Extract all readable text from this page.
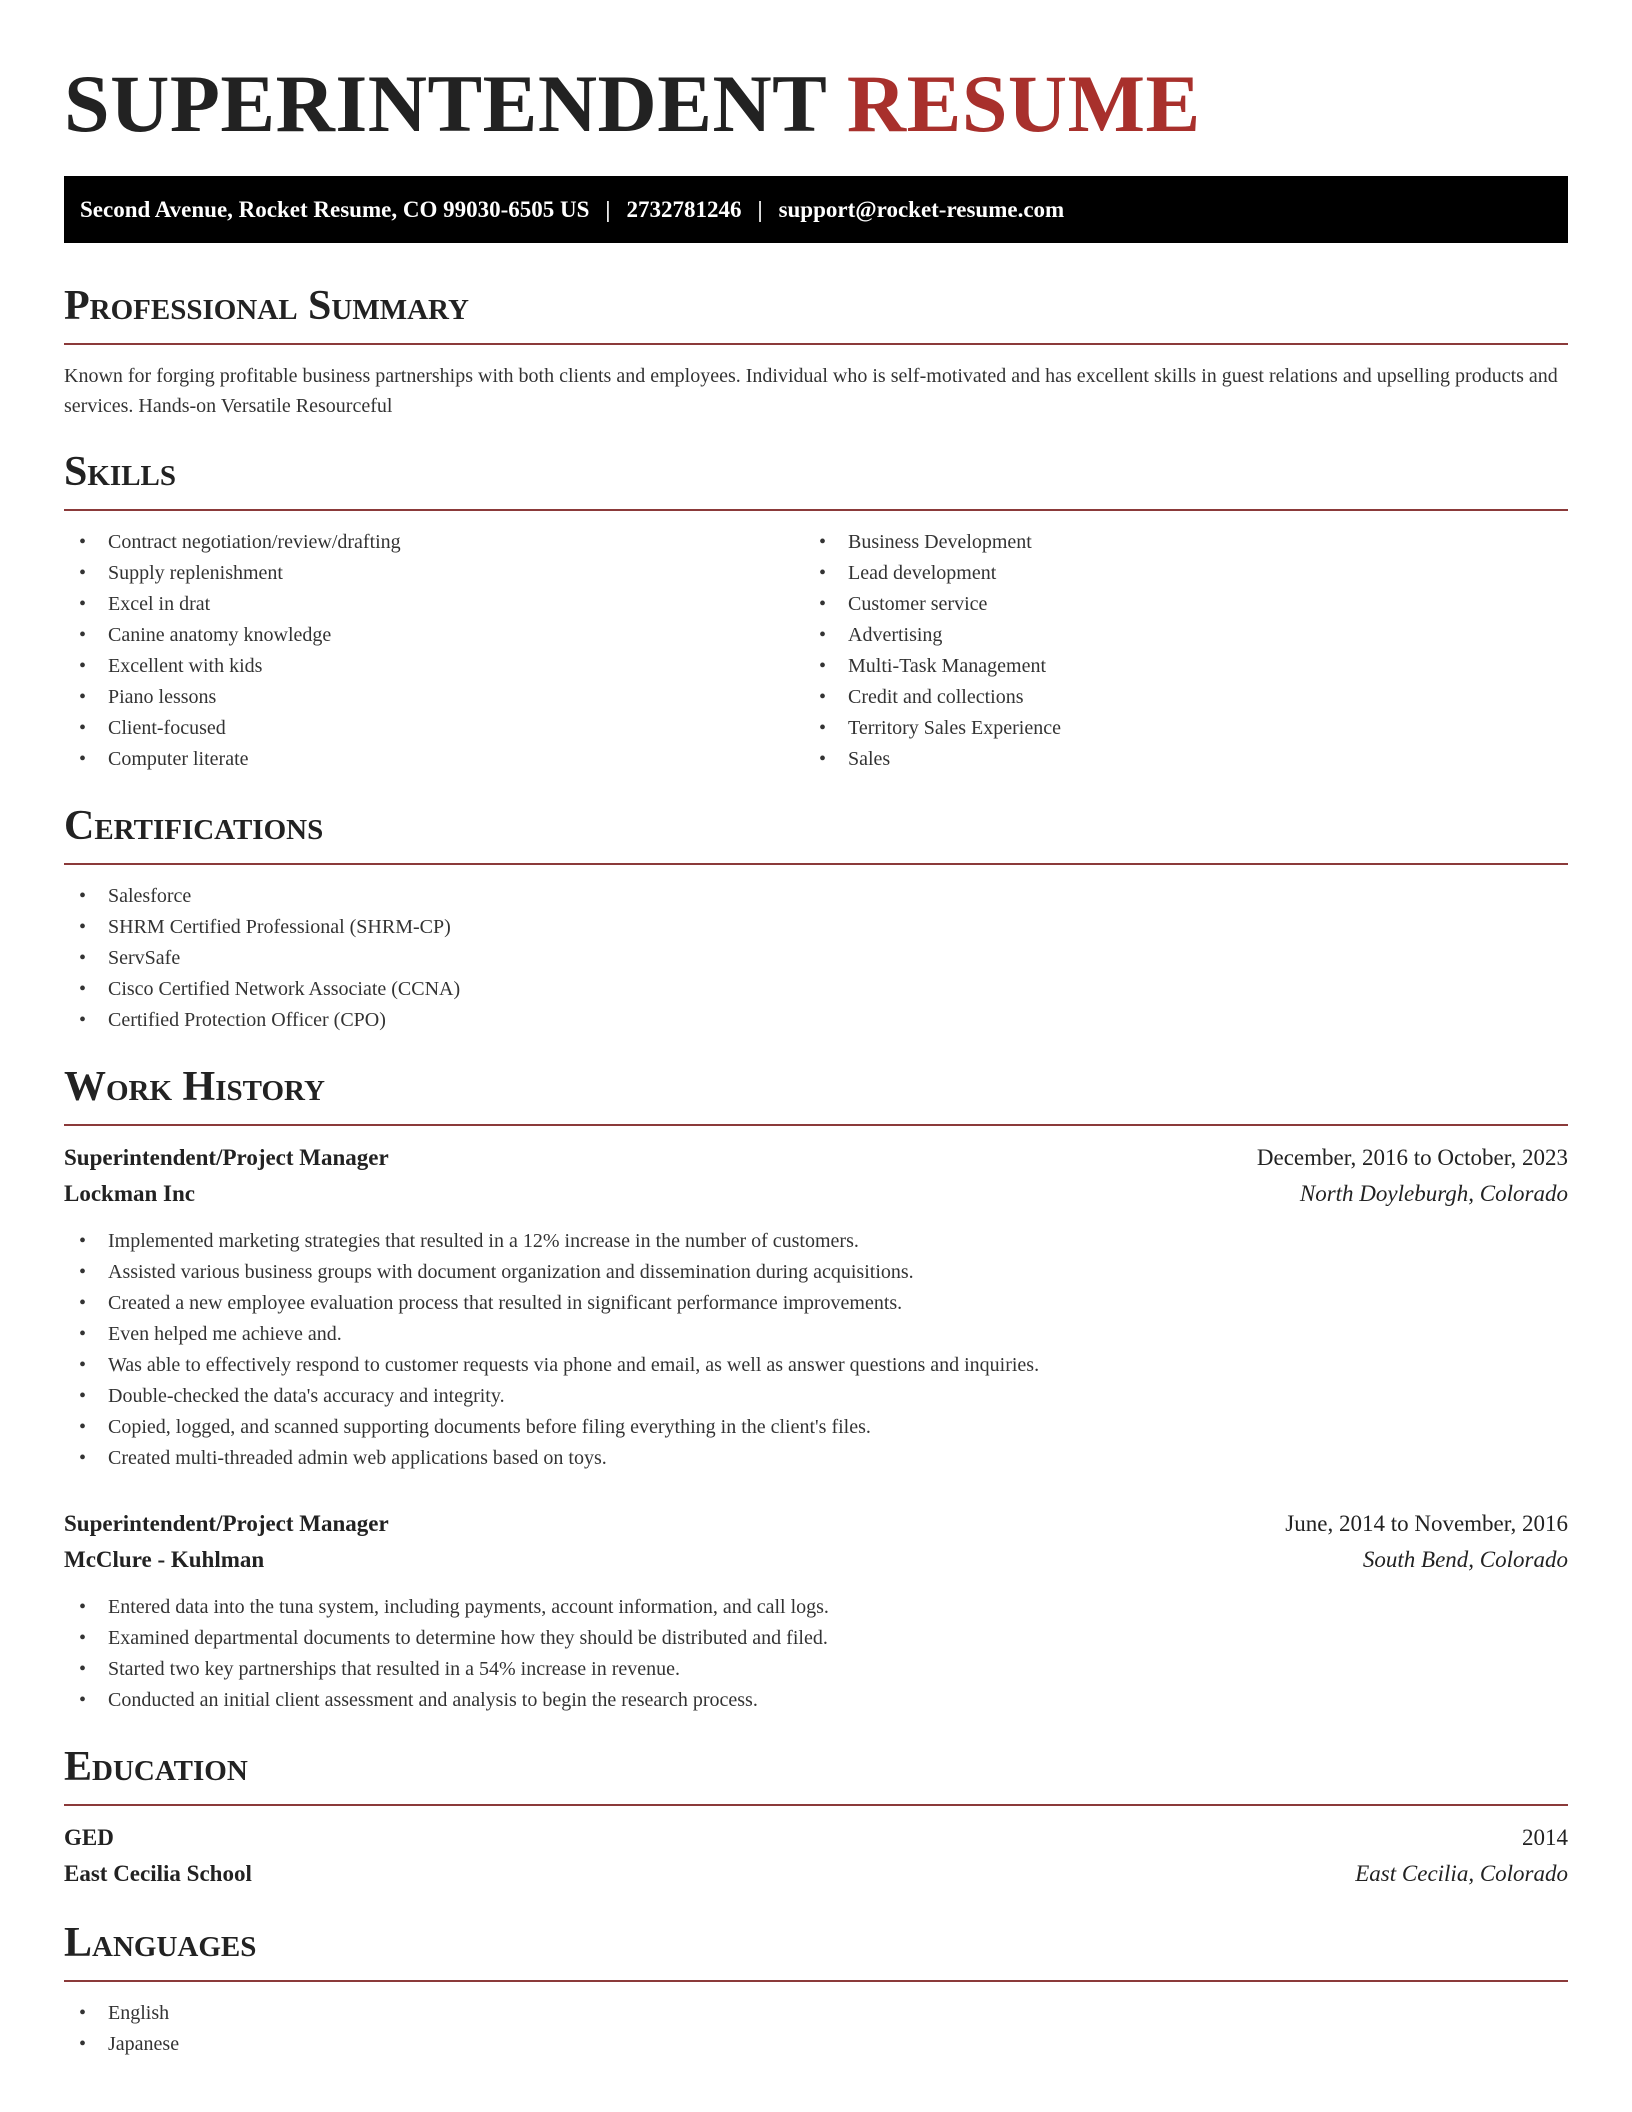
SUPERINTENDENT RESUME
Second Avenue, Rocket Resume, CO 99030-6505 US | 2732781246 | support@rocket-resume.com
Professional Summary
Known for forging profitable business partnerships with both clients and employees. Individual who is self-motivated and has excellent skills in guest relations and upselling products and services. Hands-on Versatile Resourceful
Skills
• Contract negotiation/review/drafting
• Supply replenishment
• Excel in drat
• Canine anatomy knowledge
• Excellent with kids
• Piano lessons
• Client-focused
• Computer literate
• Business Development
• Lead development
• Customer service
• Advertising
• Multi-Task Management
• Credit and collections
• Territory Sales Experience
• Sales
Certifications
• Salesforce
• SHRM Certified Professional (SHRM-CP)
• ServSafe
• Cisco Certified Network Associate (CCNA)
• Certified Protection Officer (CPO)
Work History
Superintendent/Project Manager	December, 2016 to October, 2023
Lockman Inc	North Doyleburgh, Colorado
• Implemented marketing strategies that resulted in a 12% increase in the number of customers.
• Assisted various business groups with document organization and dissemination during acquisitions.
• Created a new employee evaluation process that resulted in significant performance improvements.
• Even helped me achieve and.
• Was able to effectively respond to customer requests via phone and email, as well as answer questions and inquiries.
• Double-checked the data's accuracy and integrity.
• Copied, logged, and scanned supporting documents before filing everything in the client's files.
• Created multi-threaded admin web applications based on toys.
Superintendent/Project Manager	June, 2014 to November, 2016
McClure - Kuhlman	South Bend, Colorado
• Entered data into the tuna system, including payments, account information, and call logs.
• Examined departmental documents to determine how they should be distributed and filed.
• Started two key partnerships that resulted in a 54% increase in revenue.
• Conducted an initial client assessment and analysis to begin the research process.
Education
GED	2014
East Cecilia School	East Cecilia, Colorado
Languages
• English
• Japanese
